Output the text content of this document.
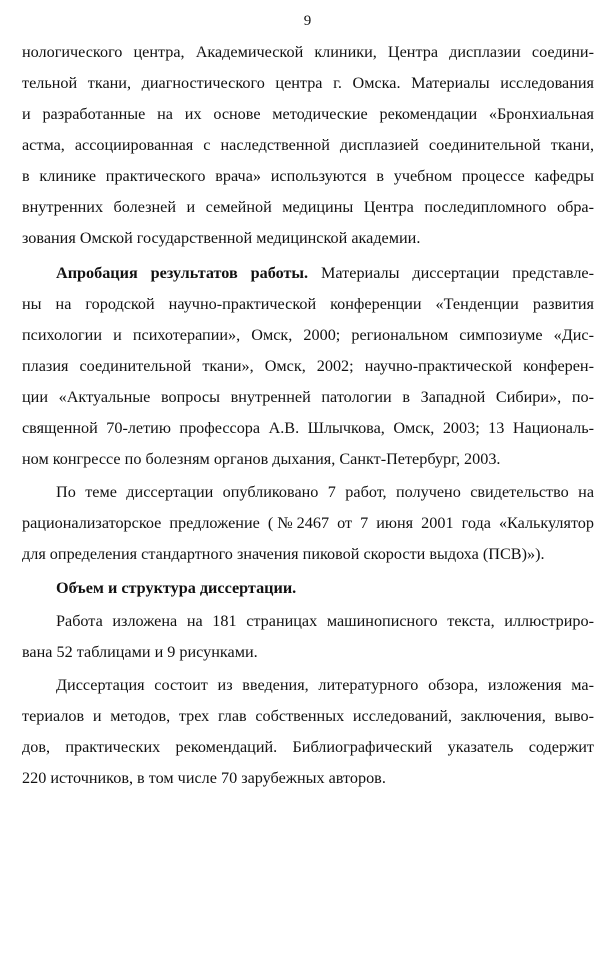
9
нологического центра, Академической клиники, Центра дисплазии соедини-
тельной ткани, диагностического центра г. Омска. Материалы исследования
и разработанные на их основе методические рекомендации «Бронхиальная
астма, ассоциированная с наследственной дисплазией соединительной ткани,
в клинике практического врача» используются в учебном процессе кафедры
внутренних болезней и семейной медицины Центра последипломного обра-
зования Омской государственной медицинской академии.
Апробация результатов работы. Материалы диссертации представле-
ны на городской научно-практической конференции «Тенденции развития
психологии и психотерапии», Омск, 2000; региональном симпозиуме «Дис-
плазия соединительной ткани», Омск, 2002; научно-практической конферен-
ции «Актуальные вопросы внутренней патологии в Западной Сибири», по-
священной 70-летию профессора А.В. Шлычкова, Омск, 2003; 13 Националь-
ном конгрессе по болезням органов дыхания, Санкт-Петербург, 2003.
По теме диссертации опубликовано 7 работ, получено свидетельство на
рационализаторское предложение (№2467 от 7 июня 2001 года «Калькулятор
для определения стандартного значения пиковой скорости выдоха (ПСВ)»).
Объем и структура диссертации.
Работа изложена на 181 страницах машинописного текста, иллюстриро-
вана 52 таблицами и 9 рисунками.
Диссертация состоит из введения, литературного обзора, изложения ма-
териалов и методов, трех глав собственных исследований, заключения, выво-
дов, практических рекомендаций. Библиографический указатель содержит
220 источников, в том числе 70 зарубежных авторов.
